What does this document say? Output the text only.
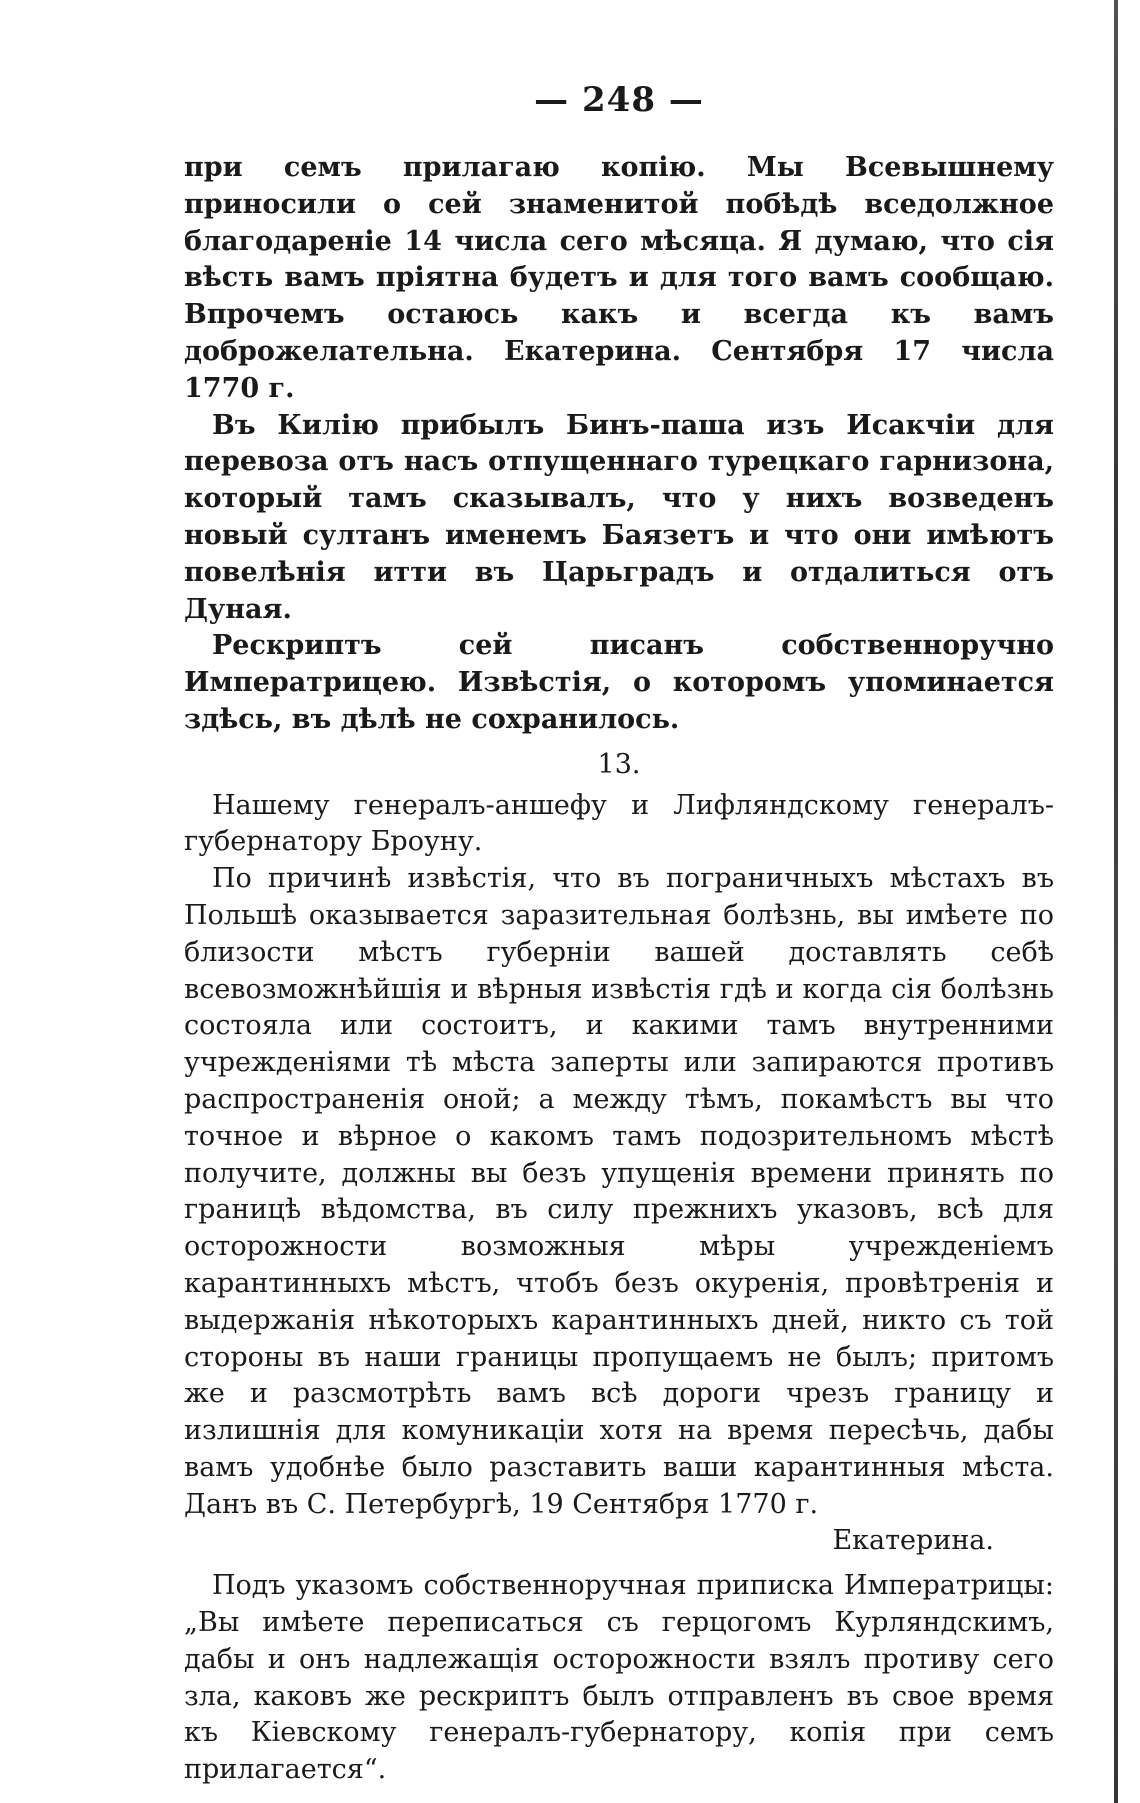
— 248 —

при семъ прилагаю копію. Мы Всевышнему приносили о сей знаменитой побѣдѣ вседолжное благодареніе 14 числа сего мѣсяца. Я думаю, что сія вѣсть вамъ пріятна будетъ и для того вамъ сообщаю. Впрочемъ остаюсь какъ и всегда къ вамъ доброжелательна. Екатерина. Сентября 17 числа 1770 г.

Въ Килію прибылъ Бинъ-паша изъ Исакчіи для перевоза отъ насъ отпущеннаго турецкаго гарнизона, который тамъ сказывалъ, что у нихъ возведенъ новый султанъ именемъ Баязетъ и что они имѣютъ повелѣнія итти въ Царьградъ и отдалиться отъ Дуная.

Рескриптъ сей писанъ собственноручно Императрицею. Извѣстія, о которомъ упоминается здѣсь, въ дѣлѣ не сохранилось.

13.

Нашему генералъ-аншефу и Лифляндскому генералъ-губернатору Броуну.

По причинѣ извѣстія, что въ пограничныхъ мѣстахъ въ Польшѣ оказывается заразительная болѣзнь, вы имѣете по близости мѣстъ губерніи вашей доставлять себѣ всевозможнѣйшія и вѣрныя извѣстія гдѣ и когда сія болѣзнь состояла или состоитъ, и какими тамъ внутренними учрежденіями тѣ мѣста заперты или запираются противъ распространенія оной; а между тѣмъ, покамѣстъ вы что точное и вѣрное о какомъ тамъ подозрительномъ мѣстѣ получите, должны вы безъ упущенія времени принять по границѣ вѣдомства, въ силу прежнихъ указовъ, всѣ для осторожности возможныя мѣры учрежденіемъ карантинныхъ мѣстъ, чтобъ безъ окуренія, провѣтренія и выдержанія нѣкоторыхъ карантинныхъ дней, никто съ той стороны въ наши границы пропущаемъ не былъ; притомъ же и разсмотрѣть вамъ всѣ дороги чрезъ границу и излишнія для комуникаціи хотя на время пересѣчь, дабы вамъ удобнѣе было разставить ваши карантинныя мѣста. Данъ въ С. Петербургѣ, 19 Сентября 1770 г.

Екатерина.

Подъ указомъ собственноручная приписка Императрицы: „Вы имѣете переписаться съ герцогомъ Курляндскимъ, дабы и онъ надлежащія осторожности взялъ противу сего зла, каковъ же рескриптъ былъ отправленъ въ свое время къ Кіевскому генералъ-губернатору, копія при семъ прилагается“.
